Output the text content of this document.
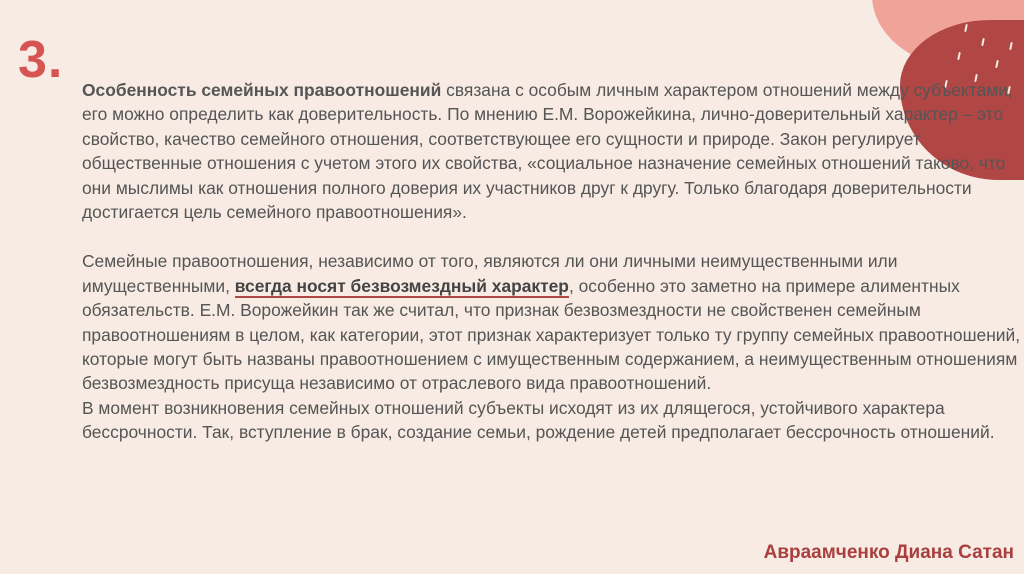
3.

Особенность семейных правоотношений связана с особым личным характером отношений между субъектами, его можно определить как доверительность. По мнению Е.М. Ворожейкина, лично-доверительный характер – это свойство, качество семейного отношения, соответствующее его сущности и природе. Закон регулирует общественные отношения с учетом этого их свойства, «социальное назначение семейных отношений таково, что они мыслимы как отношения полного доверия их участников друг к другу. Только благодаря доверительности достигается цель семейного правоотношения».

Семейные правоотношения, независимо от того, являются ли они личными неимущественными или имущественными, всегда носят безвозмездный характер, особенно это заметно на примере алиментных обязательств. Е.М. Ворожейкин так же считал, что признак безвозмездности не свойственен семейным правоотношениям в целом, как категории, этот признак характеризует только ту группу семейных правоотношений, которые могут быть названы правоотношением с имущественным содержанием, а неимущественным отношениям безвозмездность присуща независимо от отраслевого вида правоотношений.

В момент возникновения семейных отношений субъекты исходят из их длящегося, устойчивого характера бессрочности. Так, вступление в брак, создание семьи, рождение детей предполагает бессрочность отношений.

Авраамченко Диана Сатан
